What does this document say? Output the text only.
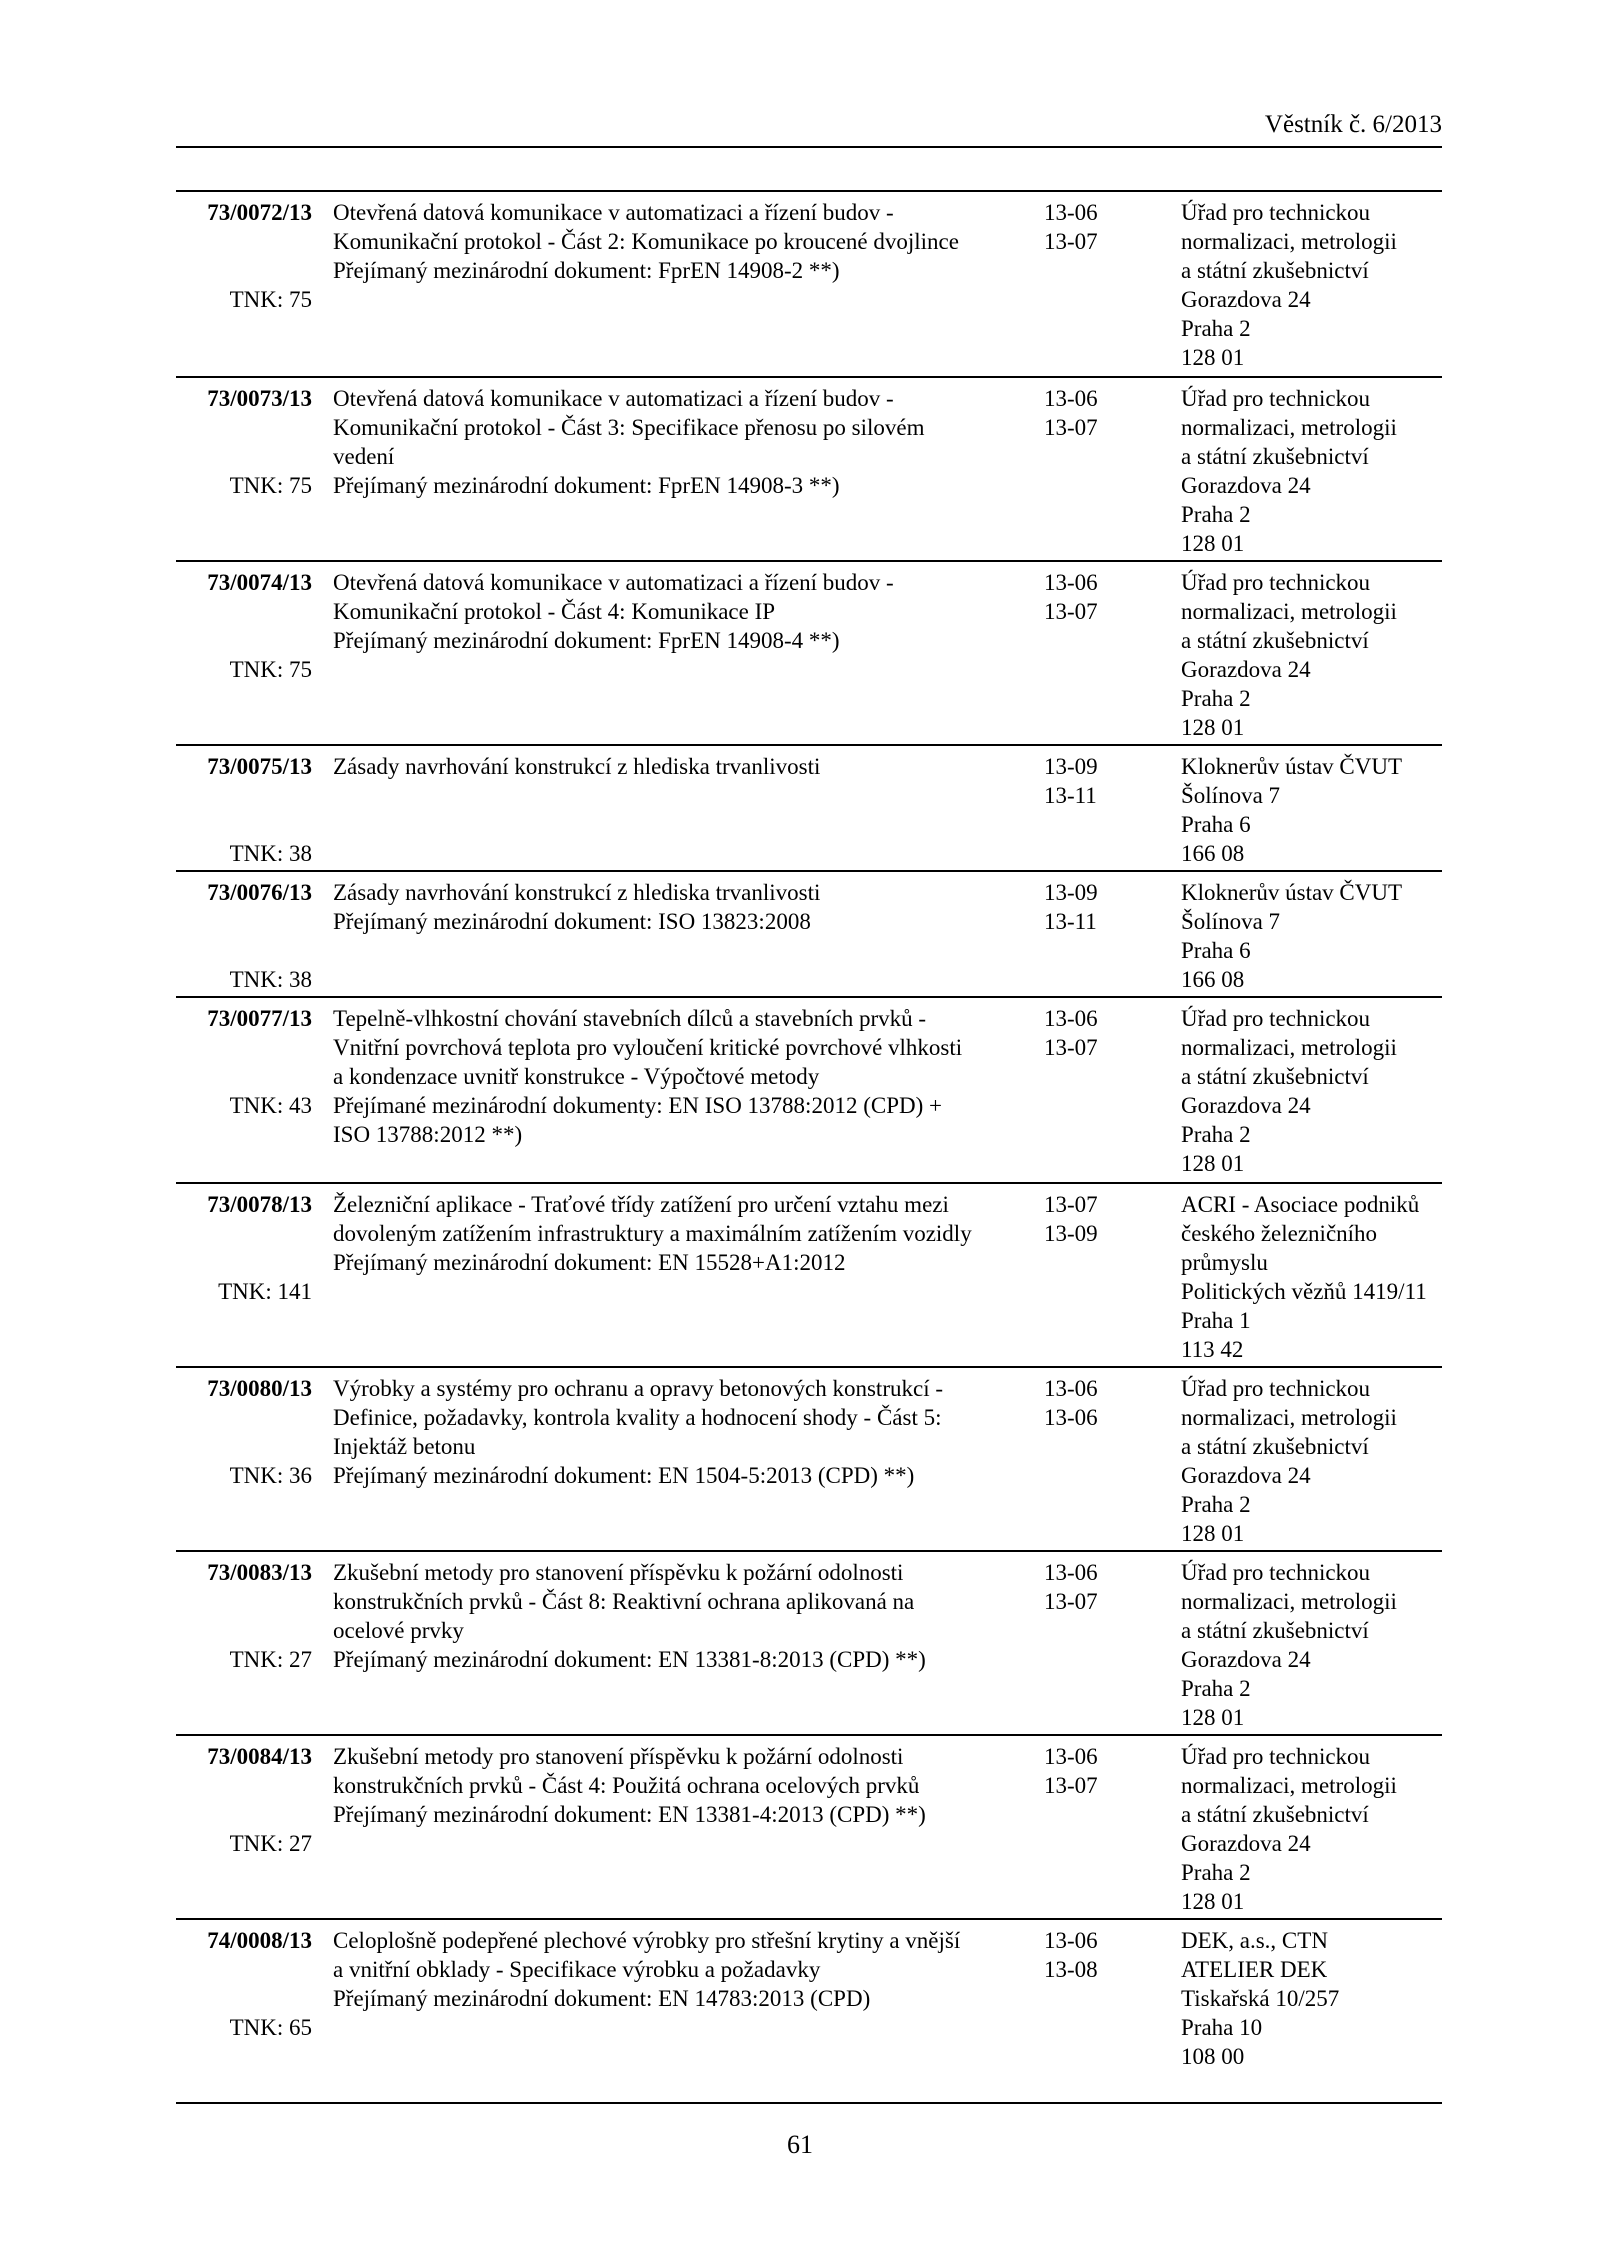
Věstník č. 6/2013
73/0072/13
TNK: 75
Otevřená datová komunikace v automatizaci a řízení budov -
Komunikační protokol - Část 2: Komunikace po kroucené dvojlince
Přejímaný mezinárodní dokument: FprEN 14908-2 **)
13-06
13-07
Úřad pro technickou
normalizaci, metrologii
a státní zkušebnictví
Gorazdova 24
Praha 2
128 01
73/0073/13
TNK: 75
Otevřená datová komunikace v automatizaci a řízení budov -
Komunikační protokol - Část 3: Specifikace přenosu po silovém
vedení
Přejímaný mezinárodní dokument: FprEN 14908-3 **)
13-06
13-07
Úřad pro technickou
normalizaci, metrologii
a státní zkušebnictví
Gorazdova 24
Praha 2
128 01
73/0074/13
TNK: 75
Otevřená datová komunikace v automatizaci a řízení budov -
Komunikační protokol - Část 4: Komunikace IP
Přejímaný mezinárodní dokument: FprEN 14908-4 **)
13-06
13-07
Úřad pro technickou
normalizaci, metrologii
a státní zkušebnictví
Gorazdova 24
Praha 2
128 01
73/0075/13
TNK: 38
Zásady navrhování konstrukcí z hlediska trvanlivosti	13-09
13-11
Kloknerův ústav ČVUT
Šolínova 7
Praha 6
166 08
73/0076/13
TNK: 38
Zásady navrhování konstrukcí z hlediska trvanlivosti
Přejímaný mezinárodní dokument: ISO 13823:2008
13-09
13-11
Kloknerův ústav ČVUT
Šolínova 7
Praha 6
166 08
73/0077/13
TNK: 43
Tepelně-vlhkostní chování stavebních dílců a stavebních prvků -
Vnitřní povrchová teplota pro vyloučení kritické povrchové vlhkosti
a kondenzace uvnitř konstrukce - Výpočtové metody
Přejímané mezinárodní dokumenty: EN ISO 13788:2012 (CPD) +
ISO 13788:2012 **)
13-06
13-07
Úřad pro technickou
normalizaci, metrologii
a státní zkušebnictví
Gorazdova 24
Praha 2
128 01
73/0078/13
TNK: 141
Železniční aplikace - Traťové třídy zatížení pro určení vztahu mezi
dovoleným zatížením infrastruktury a maximálním zatížením vozidly
Přejímaný mezinárodní dokument: EN 15528+A1:2012
13-07
13-09
ACRI - Asociace podniků
českého železničního
průmyslu
Politických vězňů 1419/11
Praha 1
113 42
73/0080/13
TNK: 36
Výrobky a systémy pro ochranu a opravy betonových konstrukcí -
Definice, požadavky, kontrola kvality a hodnocení shody - Část 5:
Injektáž betonu
Přejímaný mezinárodní dokument: EN 1504-5:2013 (CPD) **)
13-06
13-06
Úřad pro technickou
normalizaci, metrologii
a státní zkušebnictví
Gorazdova 24
Praha 2
128 01
73/0083/13
TNK: 27
Zkušební metody pro stanovení příspěvku k požární odolnosti
konstrukčních prvků - Část 8: Reaktivní ochrana aplikovaná na
ocelové prvky
Přejímaný mezinárodní dokument: EN 13381-8:2013 (CPD) **)
13-06
13-07
Úřad pro technickou
normalizaci, metrologii
a státní zkušebnictví
Gorazdova 24
Praha 2
128 01
73/0084/13
TNK: 27
Zkušební metody pro stanovení příspěvku k požární odolnosti
konstrukčních prvků - Část 4: Použitá ochrana ocelových prvků
Přejímaný mezinárodní dokument: EN 13381-4:2013 (CPD) **)
13-06
13-07
Úřad pro technickou
normalizaci, metrologii
a státní zkušebnictví
Gorazdova 24
Praha 2
128 01
74/0008/13
TNK: 65
Celoplošně podepřené plechové výrobky pro střešní krytiny a vnější
a vnitřní obklady - Specifikace výrobku a požadavky
Přejímaný mezinárodní dokument: EN 14783:2013 (CPD)
13-06
13-08
DEK, a.s., CTN
ATELIER DEK
Tiskařská 10/257
Praha 10
108 00
61
